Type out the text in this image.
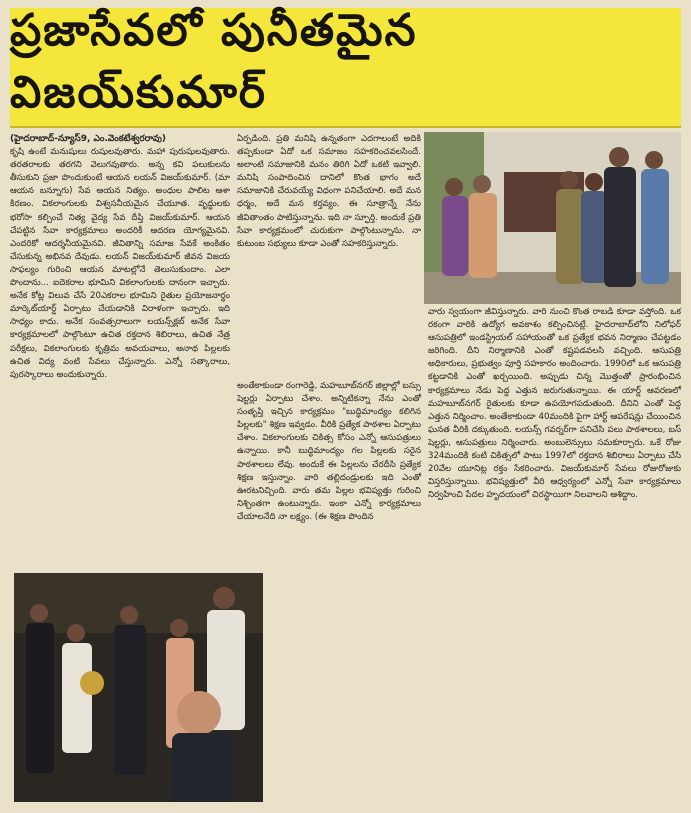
ప్రజాసేవలో పునీతమైన విజయ్‌కుమార్

(హైదరాబాద్-న్యూస్‌9, ఎం.వెంకటేశ్వరరావు)

కృషి ఉంటే మనుషులు రుషులవుతారు. మహా పురుషులవుతారు. తరతరాలకు తరగని వెలుగవుతారు. అన్న కవి పలుకులను తీసుకుని ప్రజా పొందుకుంటే ఆయన లయన్ విజయ్‌కుమార్. (మా ఆయన బన్నూగు) సేవ ఆయన నిత్యం. అంధుల పాలిట ఆశా కిరణం. వికలాంగులకు విశ్వసనీయమైన చేయూత. వృద్ధులకు భరోసా కల్పించే నిత్య వైద్య సేవ దీప్తి విజయ్‌కుమార్. ఆయన చేపట్టిన సేవా కార్యక్రమాలు అందరికీ ఆదరణ యోగ్యమైనవి. ఎందరికో ఆదర్శనీయమైనవి. జీవితాన్ని సమాజ సేవకే అంకితం చేసుకున్న అభినవ దేవుడు. లయన్ విజయ్‌కుమార్ జీవన విజయ సాఫల్యం గురించి ఆయన మాటల్లోనే తెలుసుకుందాం. ఎలా పొందాను... ఐదెకరాల భూమిని వికలాంగులకు దానంగా ఇచ్చారు. అనేక కోట్ల విలువ చేసే 20ఎకరాల భూమిని రైతుల ప్రయోజనార్థం మార్కెట్‌యార్డ్ ఏర్పాటు చేయడానికి విరాళంగా ఇచ్చారు. ఇది సాధ్యం కాదు. అనేక సంవత్సరాలుగా లయన్స్‌క్లబ్ అనేక సేవా కార్యక్రమాలలో పాల్గొంటూ ఉచిత రక్తదాన శిబిరాలు, ఉచిత నేత్ర పరీక్షలు, వికలాంగులకు కృత్రిమ అవయవాలు, అనాథ పిల్లలకు ఉచిత విద్య వంటి సేవలు చేస్తున్నారు. ఎన్నో సత్కారాలు, పురస్కారాలు అందుకున్నారు.

ఏర్పడింది. ప్రతి మనిషి ఉన్నతంగా ఎదగాలంటే అదికి తప్పకుండా ఏదో ఒక సమాజం సహకరించవలసిందే. అలాంటి సమాజానికి మనం తిరిగి ఏదో ఒకటి ఇవ్వాలి. మనిషి సంపాదించిన దానిలో కొంత భాగం అదే సమాజానికి చేరువయ్యే విధంగా పనిచేయాలి. అదే మన ధర్మం, అదే మన కర్తవ్యం. ఈ సూత్రాన్నే నేను జీవితాంతం పాటిస్తున్నాను. ఇది నా స్ఫూర్తి. అందుకే ప్రతి సేవా కార్యక్రమంలో చురుకుగా పాల్గొంటున్నాను. నా కుటుంబ సభ్యులు కూడా ఎంతో సహకరిస్తున్నారు.

అంతేకాకుండా రంగారెడ్డి, మహబూబ్‌నగర్ జిల్లాల్లో బస్సు షెల్టర్లు ఏర్పాటు చేశాం. అన్నిటికన్నా నేను ఎంతో సంతృప్తి ఇచ్చిన కార్యక్రమం "బుద్ధిమాంద్యం కలిగిన పిల్లలకు" శిక్షణ ఇవ్వడం. వీరికి ప్రత్యేక పాఠశాల ఏర్పాటు చేశాం. వికలాంగులకు చికిత్స కోసం ఎన్నో ఆసుపత్రులు ఉన్నాయి. కానీ బుద్ధిమాంద్యం గల పిల్లలకు సరైన పాఠశాలలు లేవు. అందుకే ఈ పిల్లలను చేరదీసి ప్రత్యేక శిక్షణ ఇస్తున్నాం. వారి తల్లిదండ్రులకు ఇది ఎంతో ఊరటనిచ్చింది. వారు తమ పిల్లల భవిష్యత్తు గురించి నిశ్చింతగా ఉంటున్నారు. ఇంకా ఎన్నో కార్యక్రమాలు చేయాలనేది నా లక్ష్యం. (ఈ శిక్షణ పొందిన

వారు స్వయంగా జీవిస్తున్నారు. వారి నుంచి కొంత రాబడి కూడా వస్తోంది. ఒక రకంగా వారికి ఉద్యోగ అవకాశం కల్పించినట్లే. హైదరాబాద్‌లోని నిలోఫర్ ఆసుపత్రిలో ఇండస్ట్రియల్ సహాయంతో ఒక ప్రత్యేక భవన నిర్మాణం చేపట్టడం జరిగింది. దీని నిర్మాణానికి ఎంతో కష్టపడవలసి వచ్చింది. ఆసుపత్రి అధికారులు, ప్రభుత్వం పూర్తి సహకారం అందించారు. 1990లో ఒక ఆసుపత్రి కట్టడానికి ఎంతో ఖర్చయింది. అప్పుడు చిన్న మొత్తంతో ప్రారంభించిన కార్యక్రమాలు నేడు పెద్ద ఎత్తున జరుగుతున్నాయి. ఈ యార్డ్ ఆవరణలో మహబూబ్‌నగర్ రైతులకు కూడా ఉపయోగపడుతుంది. దీనిని ఎంతో పెద్ద ఎత్తున నిర్మించాం. అంతేకాకుండా 40మందికి పైగా హార్ట్ ఆపరేషన్లు చేయించిన ఘనత వీరికి దక్కుతుంది. లయన్స్ గవర్నర్‌గా పనిచేసి పలు పాఠశాలలు, బస్ షెల్టర్లు, ఆసుపత్రులు నిర్మించారు. అంబులెన్సులు సమకూర్చారు. ఒకే రోజు 324మందికి కంటి చికిత్సలో పాటు 1997లో రక్తదాన శిబిరాలు ఏర్పాటు చేసి 20వేల యూనిట్ల రక్తం సేకరించారు. విజయ్‌కుమార్ సేవలు రోజురోజుకు విస్తరిస్తున్నాయి. భవిష్యత్తులో వీరి ఆధ్వర్యంలో ఎన్నో సేవా కార్యక్రమాలు నిర్వహించి పేదల హృదయంలో చిరస్థాయిగా నిలవాలని ఆశిద్దాం.
